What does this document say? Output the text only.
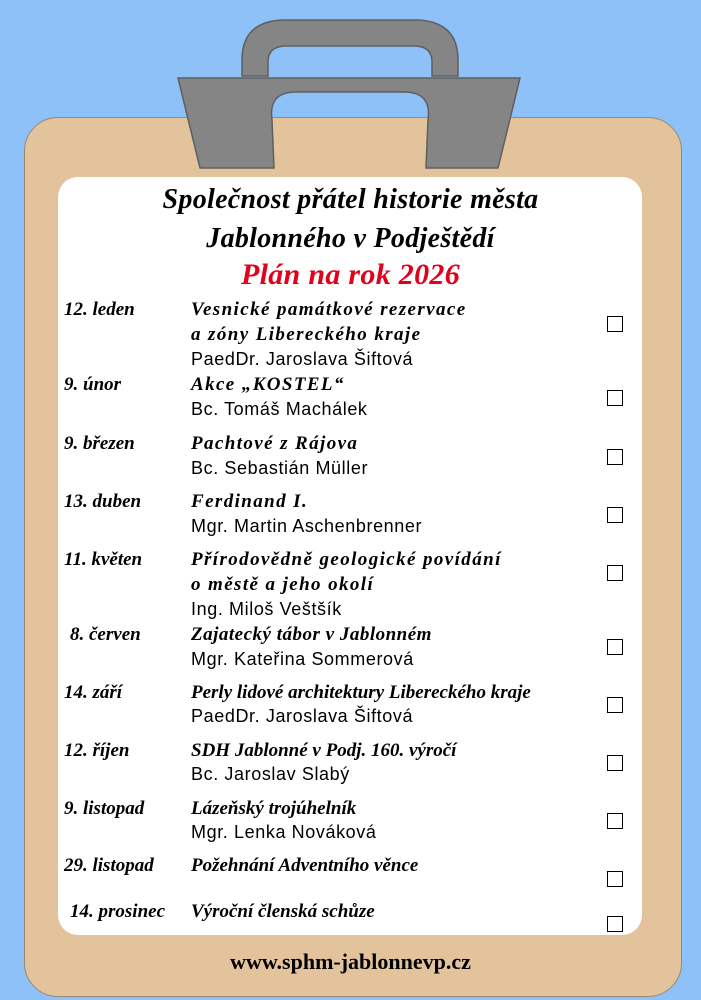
Společnost přátel historie města
Jablonného v Podještědí
Plán na rok 2026
12. leden	Vesnické památkové rezervace
a zóny Libereckého kraje
PaedDr. Jaroslava Šiftová
9. únor	Akce „KOSTEL“
Bc. Tomáš Machálek
9. březen	Pachtové z Rájova
Bc. Sebastián Müller
13. duben	Ferdinand I.
Mgr. Martin Aschenbrenner
11. květen	Přírodovědně geologické povídání
o městě a jeho okolí
Ing. Miloš Veštšík
8. červen	Zajatecký tábor v Jablonném
Mgr. Kateřina Sommerová
14. září	Perly lidové architektury Libereckého kraje
PaedDr. Jaroslava Šiftová
12. říjen	SDH Jablonné v Podj. 160. výročí
Bc. Jaroslav Slabý
9. listopad Lázeňský trojúhelník
Mgr. Lenka Nováková
29. listopad Požehnání Adventního věnce
14. prosinec Výroční členská schůze
www.sphm-jablonnevp.cz
